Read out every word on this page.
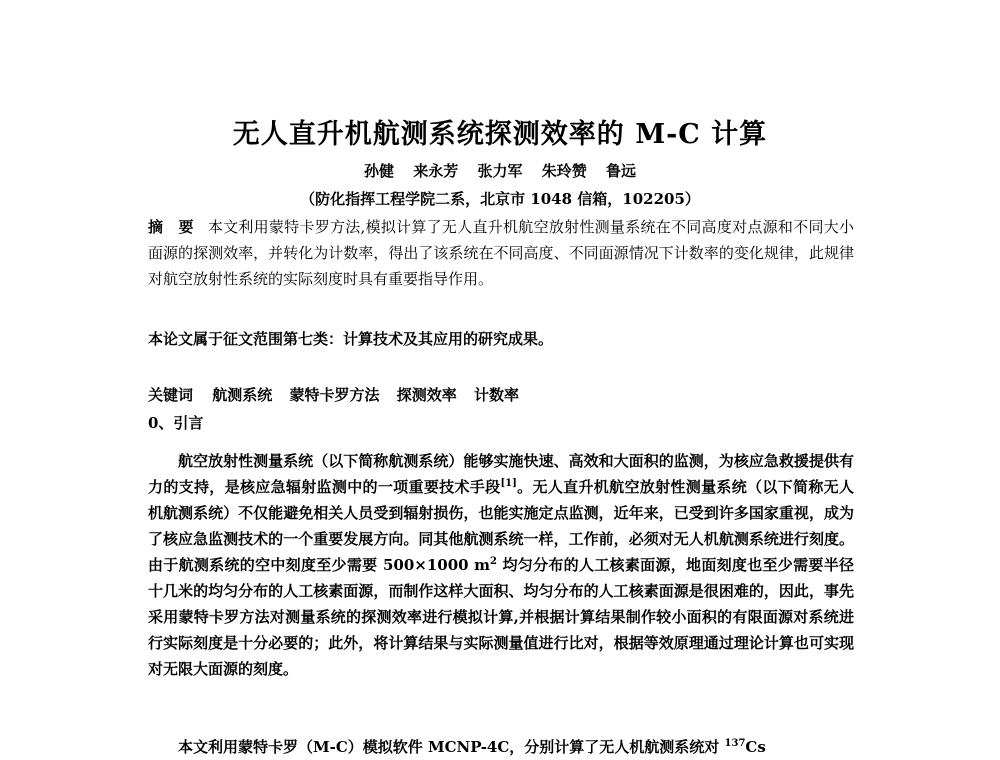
无人直升机航测系统探测效率的 M-C 计算
孙健 来永芳 张力军 朱玲赞 鲁远
（防化指挥工程学院二系，北京市 1048 信箱，102205）
摘　要 本文利用蒙特卡罗方法,模拟计算了无人直升机航空放射性测量系统在不同高度对点源和不同大小面源的探测效率，并转化为计数率，得出了该系统在不同高度、不同面源情况下计数率的变化规律，此规律对航空放射性系统的实际刻度时具有重要指导作用。
本论文属于征文范围第七类：计算技术及其应用的研究成果。
关键词 航测系统 蒙特卡罗方法 探测效率 计数率
0、引言
航空放射性测量系统（以下简称航测系统）能够实施快速、高效和大面积的监测，为核应急救援提供有力的支持，是核应急辐射监测中的一项重要技术手段[1]。无人直升机航空放射性测量系统（以下简称无人机航测系统）不仅能避免相关人员受到辐射损伤，也能实施定点监测，近年来，已受到许多国家重视，成为了核应急监测技术的一个重要发展方向。同其他航测系统一样，工作前，必须对无人机航测系统进行刻度。由于航测系统的空中刻度至少需要 500×1000 $m^2$ 均匀分布的人工核素面源，地面刻度也至少需要半径十几米的均匀分布的人工核素面源，而制作这样大面积、均匀分布的人工核素面源是很困难的，因此，事先采用蒙特卡罗方法对测量系统的探测效率进行模拟计算,并根据计算结果制作较小面积的有限面源对系统进行实际刻度是十分必要的；此外，将计算结果与实际测量值进行比对，根据等效原理通过理论计算也可实现对无限大面源的刻度。
本文利用蒙特卡罗（M-C）模拟软件 MCNP-4C，分别计算了无人机航测系统对 $^{137}$Cs
